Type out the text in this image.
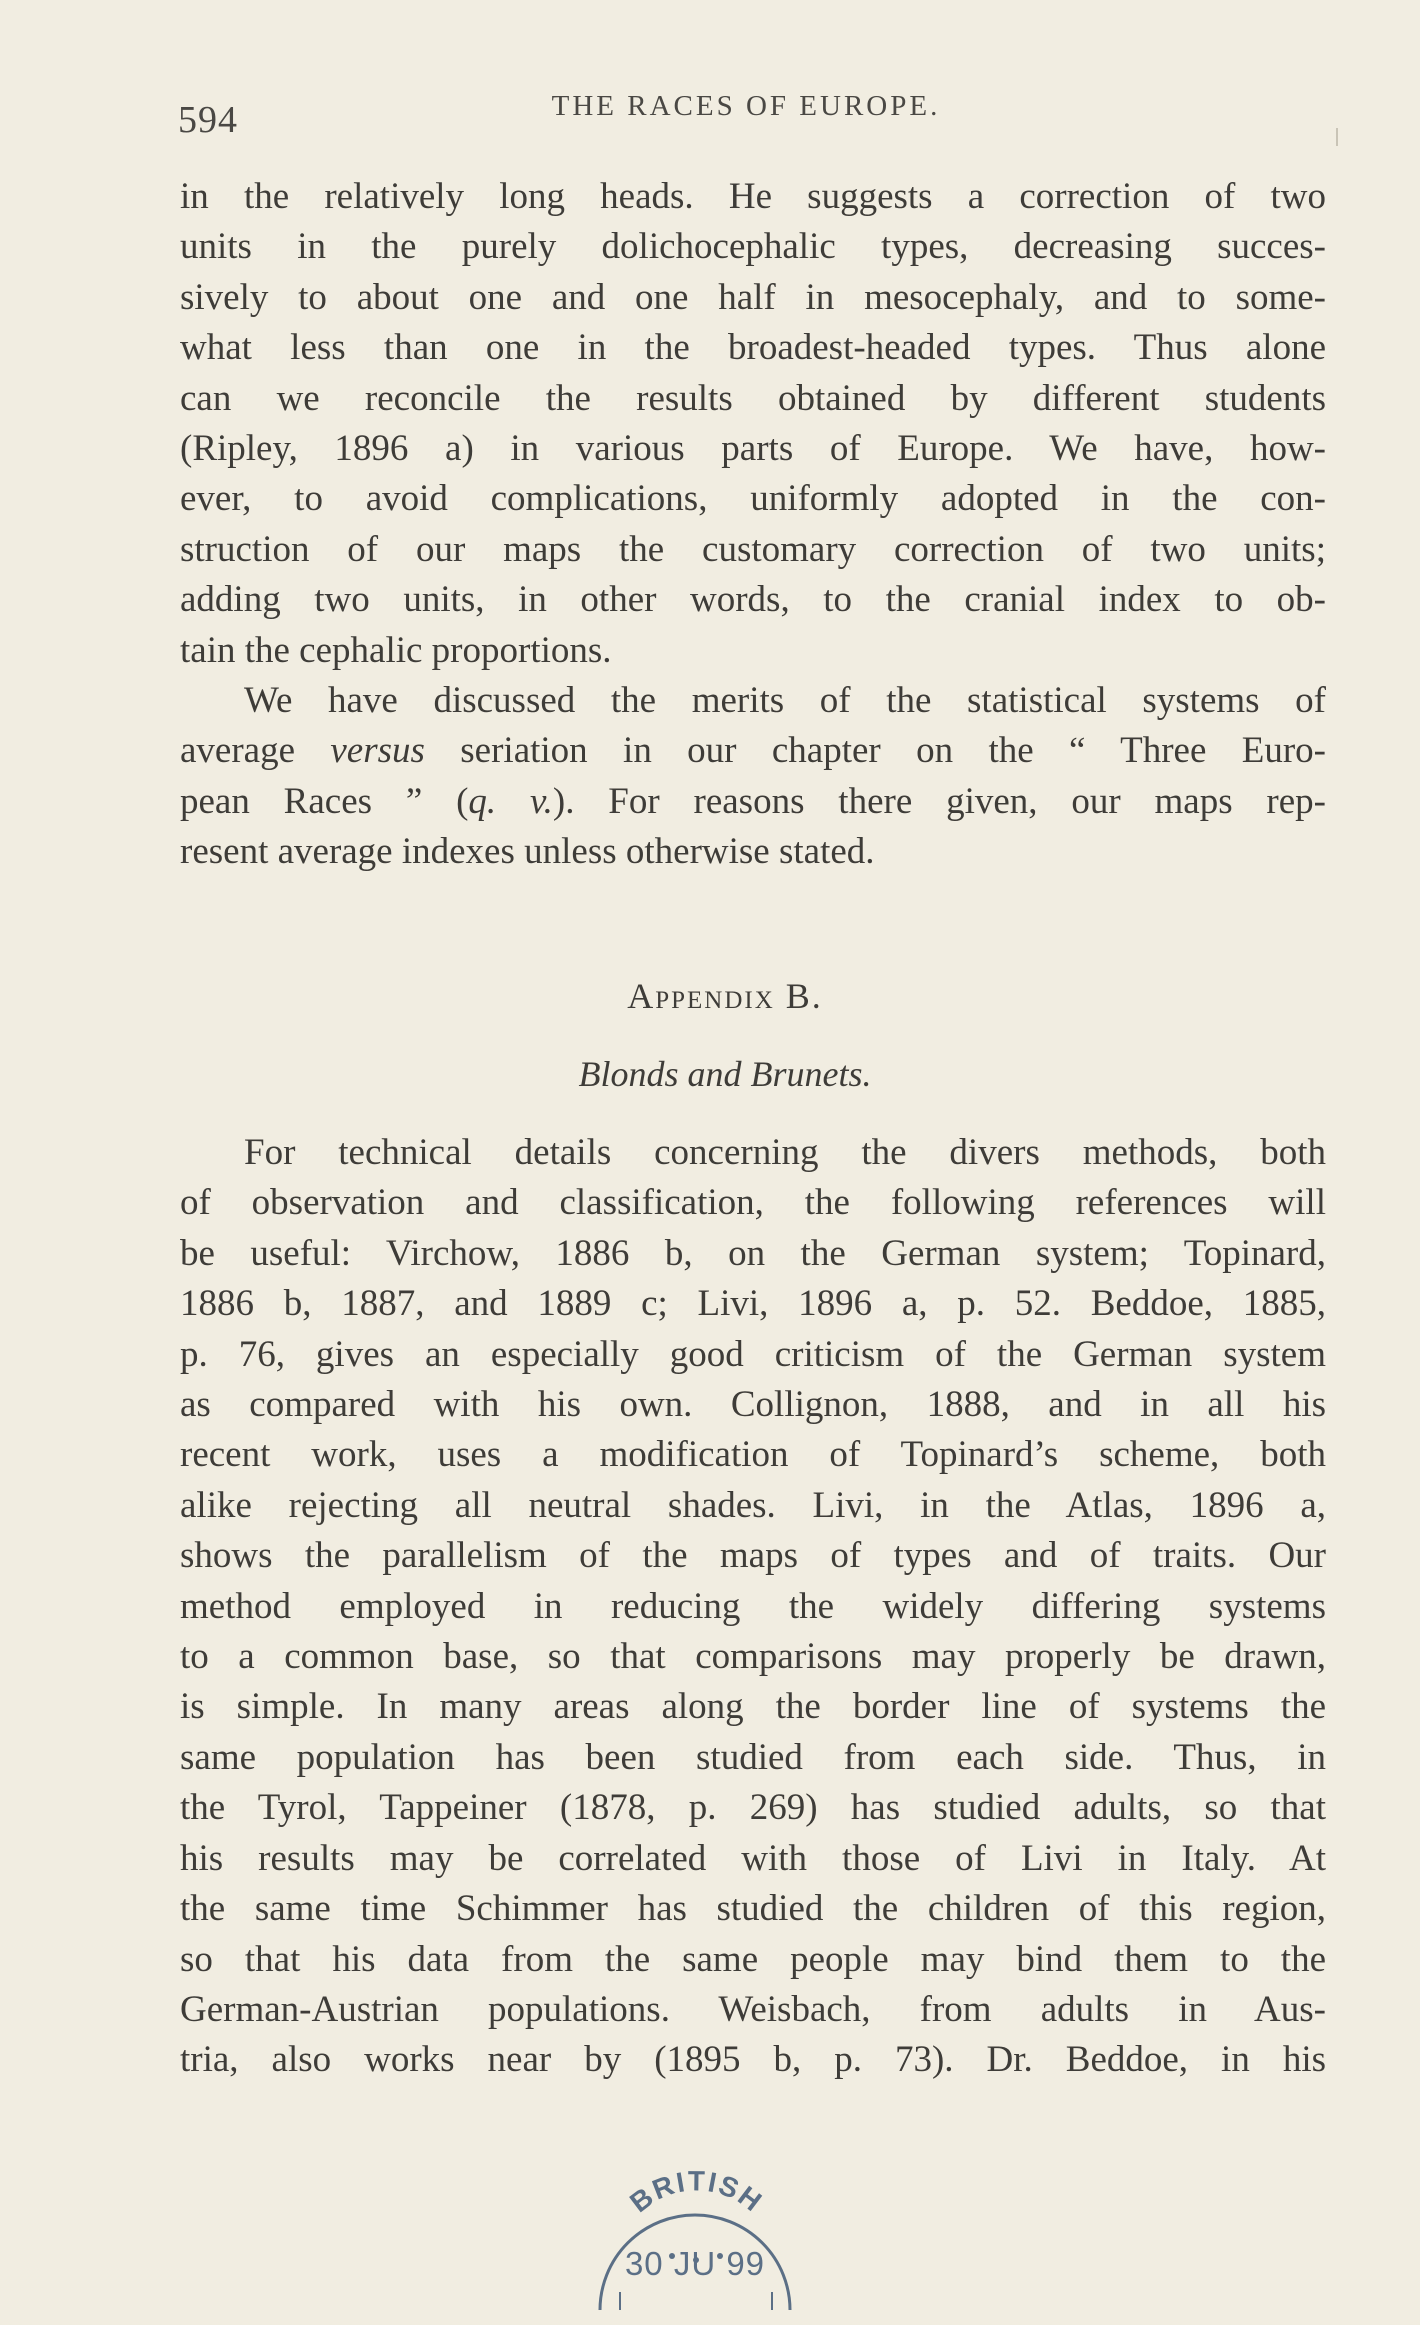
594	THE RACES OF EUROPE.

in the relatively long heads. He suggests a correction of two
units in the purely dolichocephalic types, decreasing succes-
sively to about one and one half in mesocephaly, and to some-
what less than one in the broadest-headed types. Thus alone
can we reconcile the results obtained by different students
(Ripley, 1896 a) in various parts of Europe. We have, how-
ever, to avoid complications, uniformly adopted in the con-
struction of our maps the customary correction of two units;
adding two units, in other words, to the cranial index to ob-
tain the cephalic proportions.

We have discussed the merits of the statistical systems of
average versus seriation in our chapter on the “ Three Euro-
pean Races ” (q. v.). For reasons there given, our maps rep-
resent average indexes unless otherwise stated.

Appendix B.
Blonds and Brunets.

For technical details concerning the divers methods, both
of observation and classification, the following references will
be useful: Virchow, 1886 b, on the German system; Topinard,
1886 b, 1887, and 1889 c; Livi, 1896 a, p. 52. Beddoe, 1885,
p. 76, gives an especially good criticism of the German system
as compared with his own. Collignon, 1888, and in all his
recent work, uses a modification of Topinard’s scheme, both
alike rejecting all neutral shades. Livi, in the Atlas, 1896 a,
shows the parallelism of the maps of types and of traits. Our
method employed in reducing the widely differing systems
to a common base, so that comparisons may properly be drawn,
is simple. In many areas along the border line of systems the
same population has been studied from each side. Thus, in
the Tyrol, Tappeiner (1878, p. 269) has studied adults, so that
his results may be correlated with those of Livi in Italy. At
the same time Schimmer has studied the children of this region,
so that his data from the same people may bind them to the
German-Austrian populations. Weisbach, from adults in Aus-
tria, also works near by (1895 b, p. 73). Dr. Beddoe, in his

BRITISH
30 JU 99
